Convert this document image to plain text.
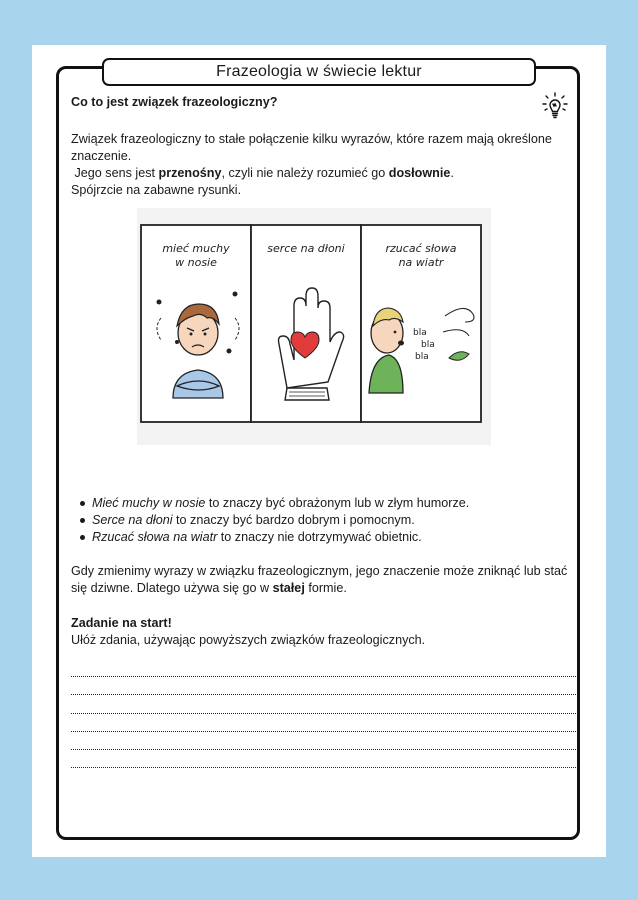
Frazeologia w świecie lektur
Co to jest związek frazeologiczny?
Związek frazeologiczny to stałe połączenie kilku wyrazów, które razem mają określone znaczenie.
Jego sens jest przenośny, czyli nie należy rozumieć go dosłownie.
Spójrzcie na zabawne rysunki.
mieć muchy
w nosie
serce na dłoni	rzucać słowa
na wiatr
bla
bla
bla
Mieć muchy w nosie to znaczy być obrażonym lub w złym humorze.
Serce na dłoni to znaczy być bardzo dobrym i pomocnym.
Rzucać słowa na wiatr to znaczy nie dotrzymywać obietnic.
Gdy zmienimy wyrazy w związku frazeologicznym, jego znaczenie może zniknąć lub stać się dziwne. Dlatego używa się go w stałej formie.
Zadanie na start!
Ułóż zdania, używając powyższych związków frazeologicznych.
